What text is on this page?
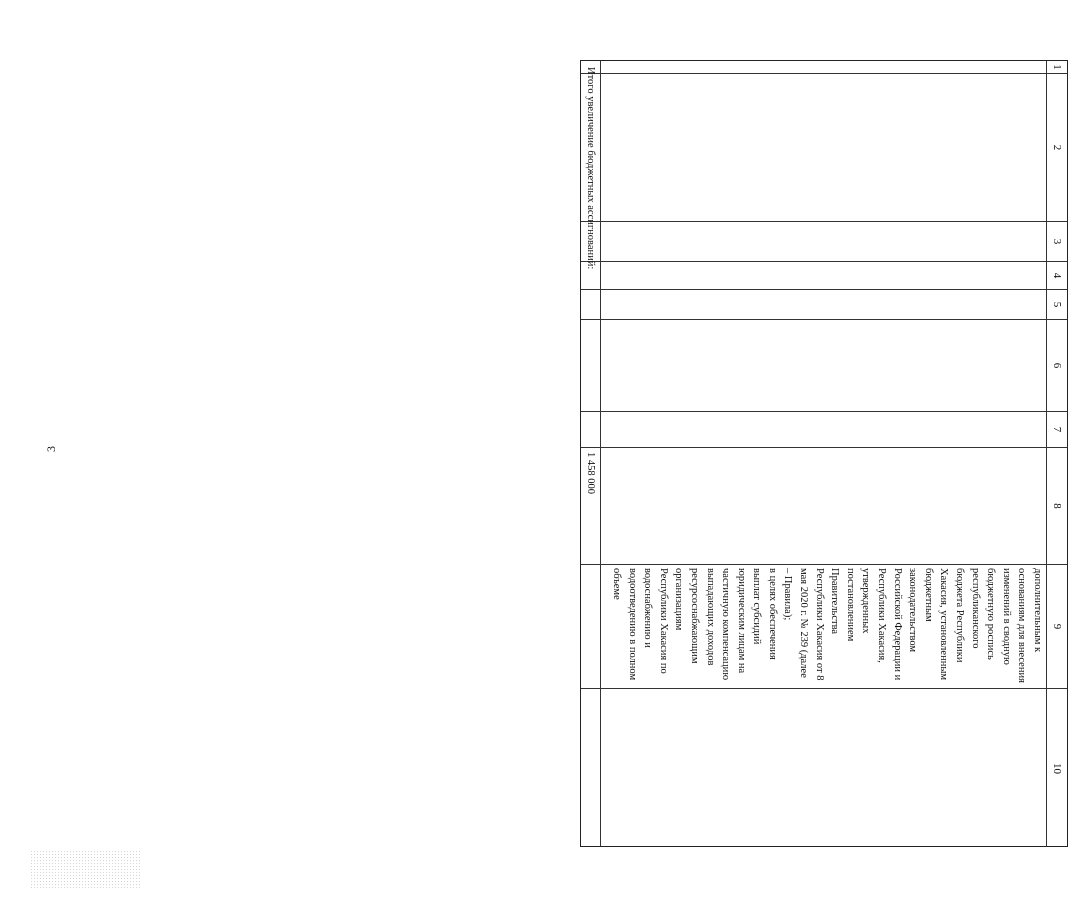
3
1
2
3
4
5
6
7
8
9

дополнительным к

основаниям для внесения

изменений в сводную

бюджетную роспись

республиканского

бюджета Республики

Хакасия, установленным

бюджетным

законодательством

Российской Федерации и

Республики Хакасия,

утвержденных

постановлением

Правительства

Республики Хакасия от 8

мая 2020 г. № 239 (далее

– Правила);

в целях обеспечения

выплат субсидий

юридическим лицам на

частичную компенсацию

выпадающих доходов

ресурсоснабжающим

организациям

Республики Хакасия по

водоснабжению и

водоотведению в полном

объеме

10
Итого увеличение бюджетных ассигнований:
1 458 000
